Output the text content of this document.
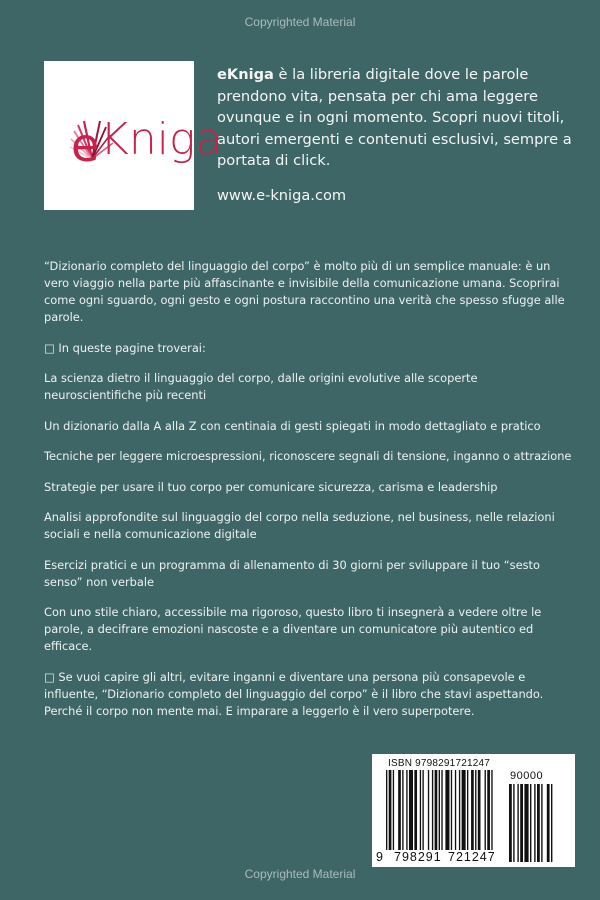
Copyrighted Material
e Kniga
eKniga è la libreria digitale dove le parole prendono vita, pensata per chi ama leggere ovunque e in ogni momento. Scopri nuovi titoli, autori emergenti e contenuti esclusivi, sempre a portata di click.
www.e-kniga.com

“Dizionario completo del linguaggio del corpo” è molto più di un semplice manuale: è un vero viaggio nella parte più affascinante e invisibile della comunicazione umana. Scoprirai come ogni sguardo, ogni gesto e ogni postura raccontino una verità che spesso sfugge alle parole.

□ In queste pagine troverai:

La scienza dietro il linguaggio del corpo, dalle origini evolutive alle scoperte neuroscientifiche più recenti

Un dizionario dalla A alla Z con centinaia di gesti spiegati in modo dettagliato e pratico

Tecniche per leggere microespressioni, riconoscere segnali di tensione, inganno o attrazione

Strategie per usare il tuo corpo per comunicare sicurezza, carisma e leadership

Analisi approfondite sul linguaggio del corpo nella seduzione, nel business, nelle relazioni sociali e nella comunicazione digitale

Esercizi pratici e un programma di allenamento di 30 giorni per sviluppare il tuo “sesto senso” non verbale

Con uno stile chiaro, accessibile ma rigoroso, questo libro ti insegnerà a vedere oltre le parole, a decifrare emozioni nascoste e a diventare un comunicatore più autentico ed efficace.

□ Se vuoi capire gli altri, evitare inganni e diventare una persona più consapevole e influente, “Dizionario completo del linguaggio del corpo” è il libro che stavi aspettando. Perché il corpo non mente mai. E imparare a leggerlo è il vero superpotere.

ISBN 9798291721247
90000
9 798291 721247
Copyrighted Material
